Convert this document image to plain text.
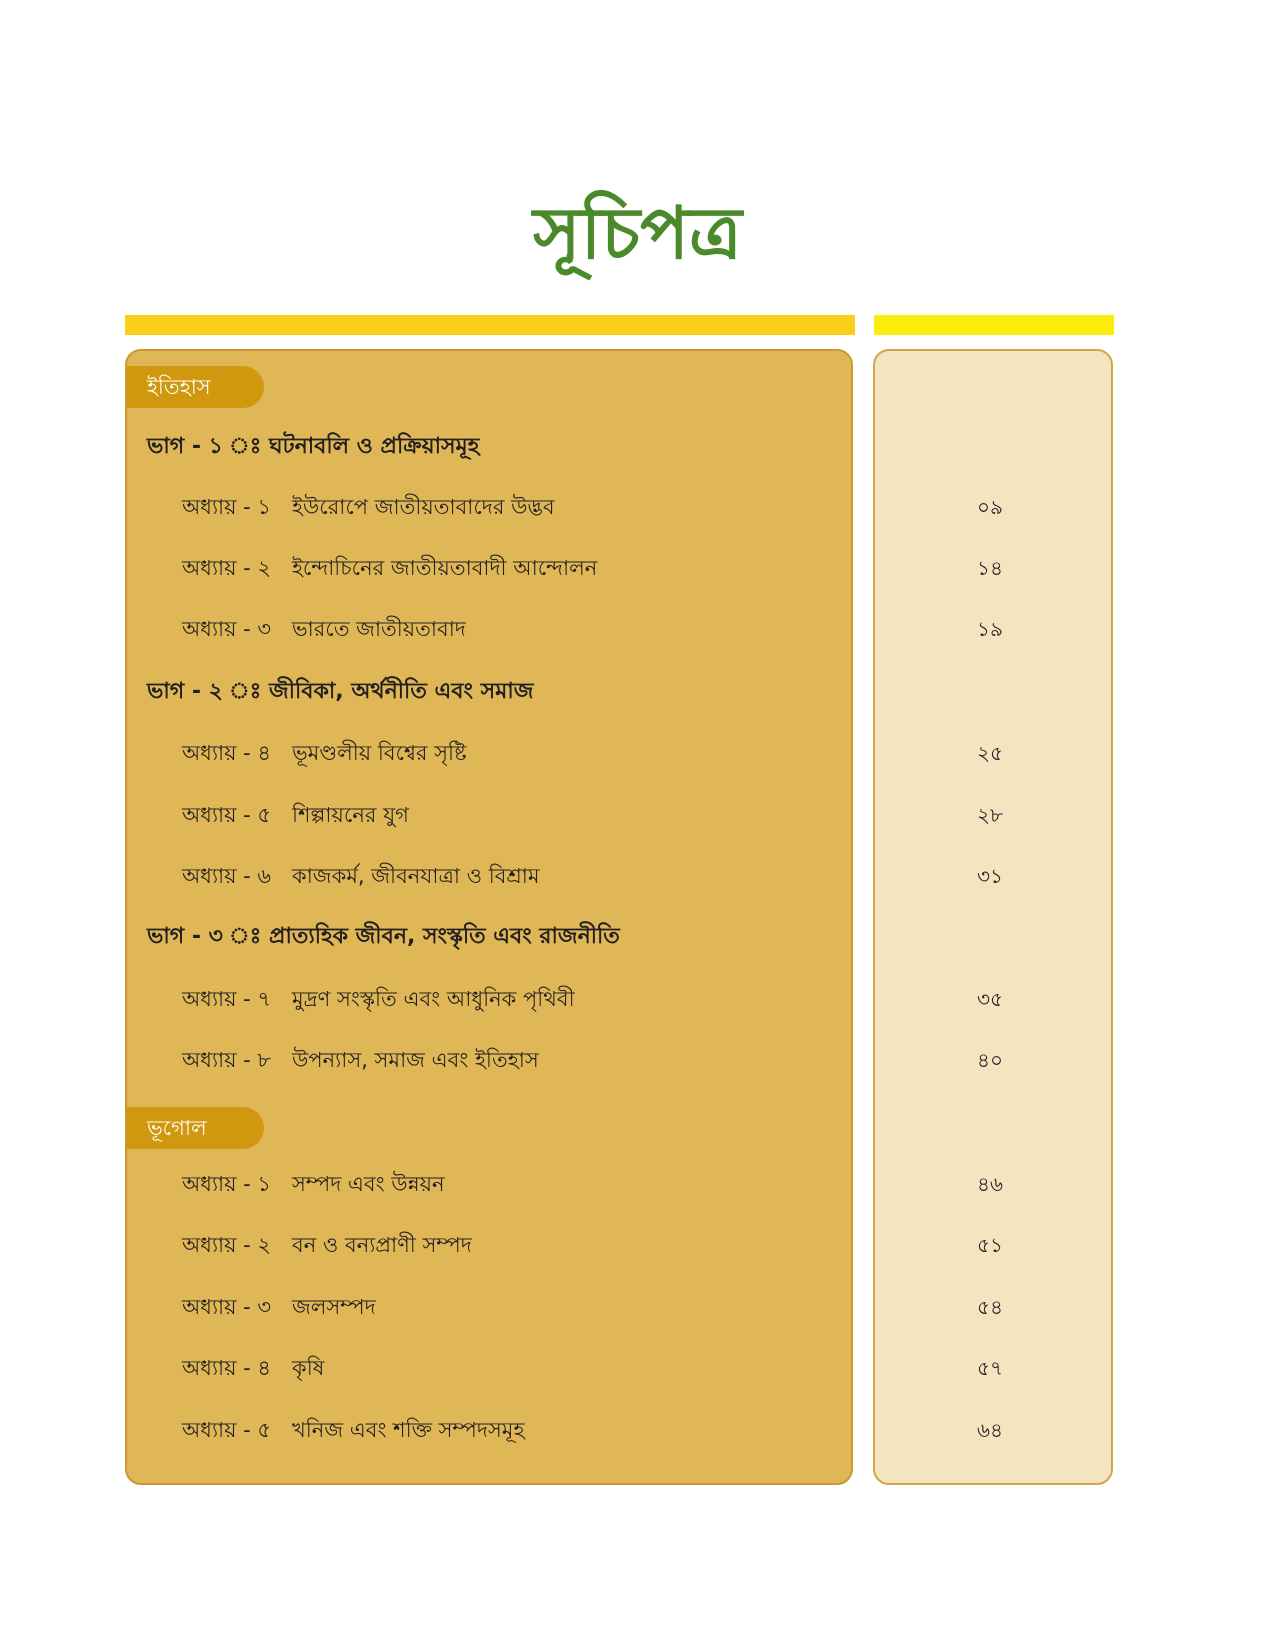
সূচিপত্র
ইতিহাস
ভাগ - ১ ঃ ঘটনাবলি ও প্রক্রিয়াসমূহ
অধ্যায় - ১ ইউরোপে জাতীয়তাবাদের উদ্ভব	০৯
অধ্যায় - ২ ইন্দোচিনের জাতীয়তাবাদী আন্দোলন	১৪
অধ্যায় - ৩ ভারতে জাতীয়তাবাদ	১৯
ভাগ - ২ ঃ জীবিকা, অর্থনীতি এবং সমাজ
অধ্যায় - ৪ ভূমণ্ডলীয় বিশ্বের সৃষ্টি	২৫
অধ্যায় - ৫ শিল্পায়নের যুগ	২৮
অধ্যায় - ৬ কাজকর্ম, জীবনযাত্রা ও বিশ্রাম	৩১
ভাগ - ৩ ঃ প্রাত্যহিক জীবন, সংস্কৃতি এবং রাজনীতি
অধ্যায় - ৭ মুদ্রণ সংস্কৃতি এবং আধুনিক পৃথিবী	৩৫
অধ্যায় - ৮ উপন্যাস, সমাজ এবং ইতিহাস	৪০
ভূগোল
অধ্যায় - ১ সম্পদ এবং উন্নয়ন	৪৬
অধ্যায় - ২ বন ও বন্যপ্রাণী সম্পদ	৫১
অধ্যায় - ৩ জলসম্পদ	৫৪
অধ্যায় - ৪ কৃষি	৫৭
অধ্যায় - ৫ খনিজ এবং শক্তি সম্পদসমূহ	৬৪
